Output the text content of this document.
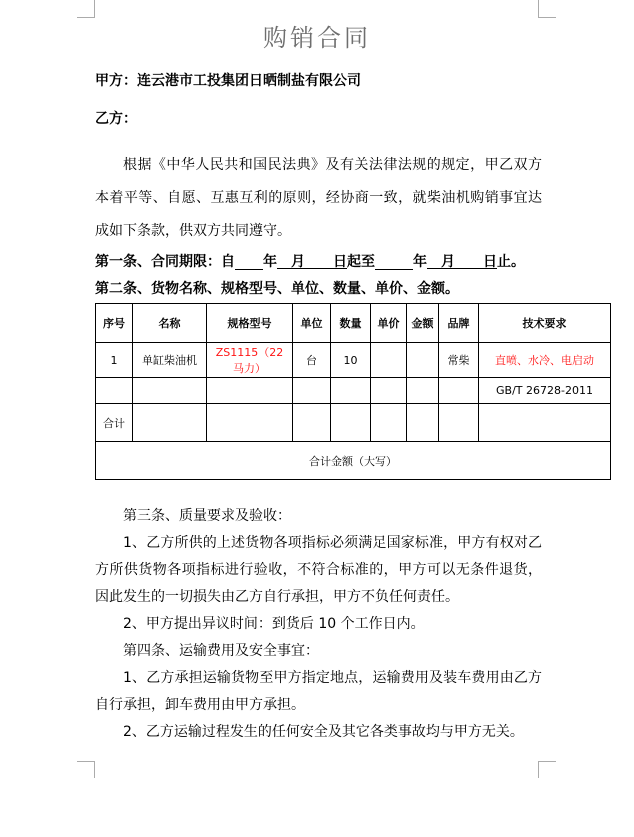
购销合同
甲方：连云港市工投集团日晒制盐有限公司
乙方：
根据《中华人民共和国民法典》及有关法律法规的规定，甲乙双方本着平等、自愿、互惠互利的原则，经协商一致，就柴油机购销事宜达成如下条款，供双方共同遵守。
第一条、合同期限：自 年　月　　日起至	年　月　　日止。
第二条、货物名称、规格型号、单位、数量、单价、金额。
序号	名称	规格型号	单位	数量	单价	金额	品牌	技术要求
1	单缸柴油机	ZS1115（22 马力）	台	10			常柴	直喷、水冷、电启动
								GB/T 26728-2011
合计								
合计金额（大写）								

第三条、质量要求及验收：

1、乙方所供的上述货物各项指标必须满足国家标准，甲方有权对乙方所供货物各项指标进行验收，不符合标准的，甲方可以无条件退货，因此发生的一切损失由乙方自行承担，甲方不负任何责任。

2、甲方提出异议时间：到货后 10 个工作日内。

第四条、运输费用及安全事宜：

1、乙方承担运输货物至甲方指定地点，运输费用及装车费用由乙方自行承担，卸车费用由甲方承担。

2、乙方运输过程发生的任何安全及其它各类事故均与甲方无关。
